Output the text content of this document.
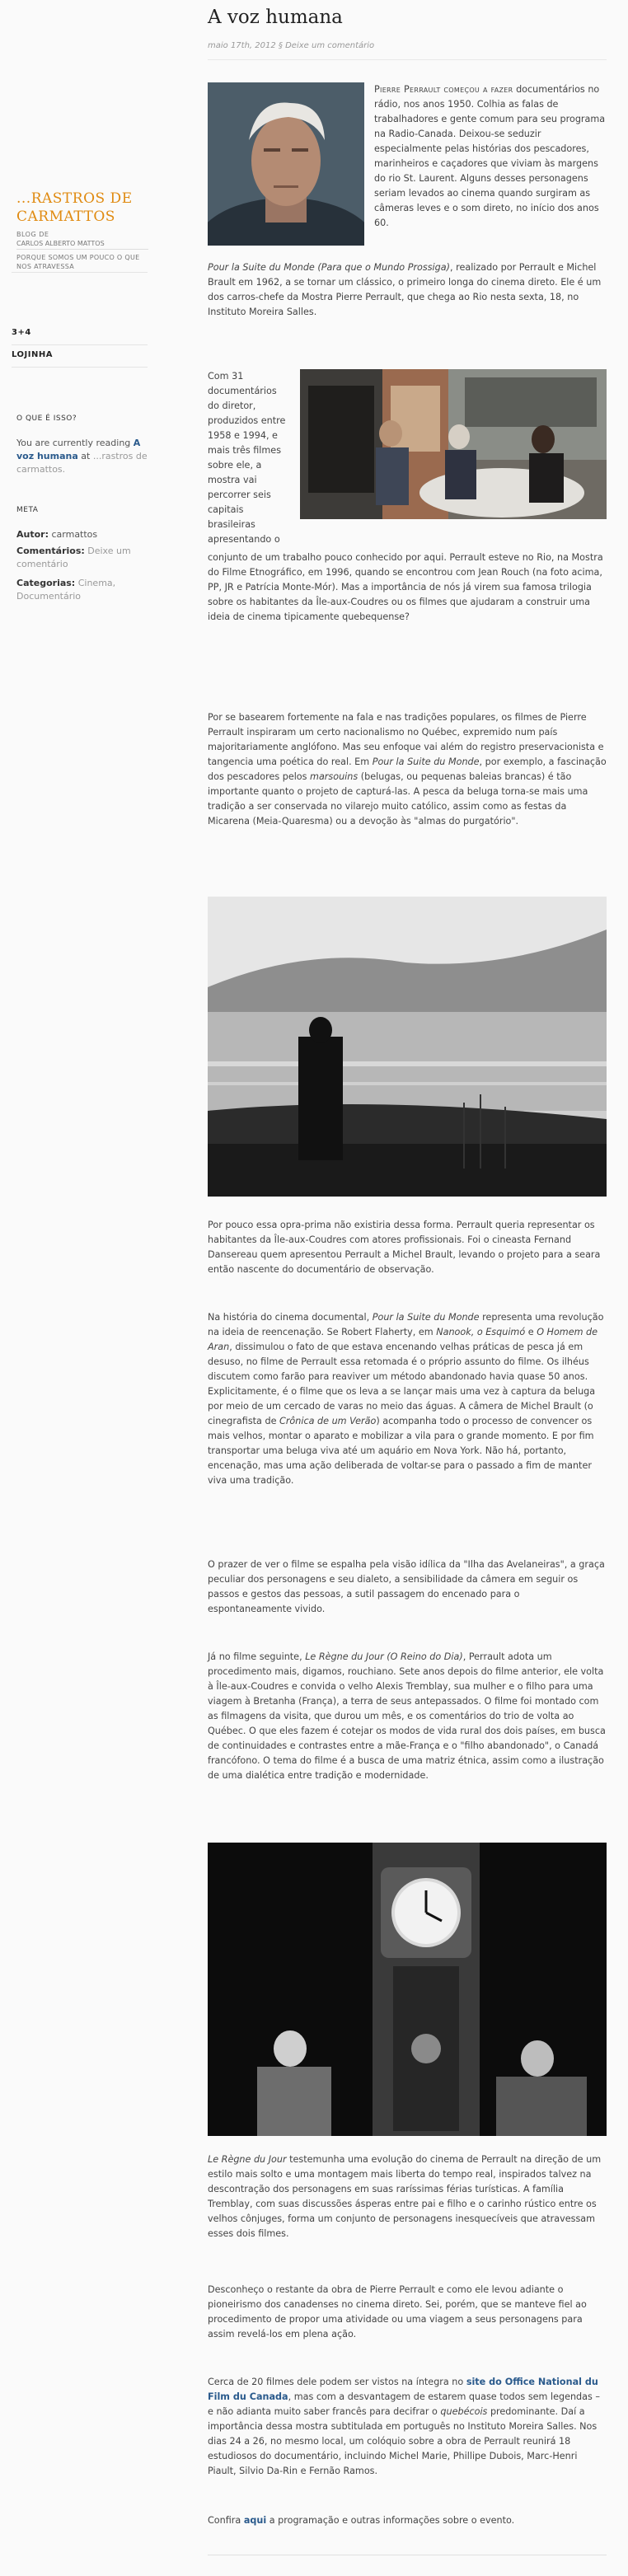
...RASTROS DE CARMATTOS
BLOG DE
CARLOS ALBERTO MATTOS
PORQUE SOMOS UM POUCO O QUE NOS ATRAVESSA
3+4
LOJINHA
O QUE É ISSO?
You are currently reading A voz humana at ...rastros de carmattos.
META
Autor: carmattos
Comentários: Deixe um comentário
Categorias: Cinema, Documentário
A voz humana
maio 17th, 2012 § Deixe um comentário

Pierre Perrault começou a fazer documentários no rádio, nos anos 1950. Colhia as falas de trabalhadores e gente comum para seu programa na Radio-Canada. Deixou-se seduzir especialmente pelas histórias dos pescadores, marinheiros e caçadores que viviam às margens do rio St. Laurent. Alguns desses personagens seriam levados ao cinema quando surgiram as câmeras leves e o som direto, no início dos anos 60.

Pour la Suite du Monde (Para que o Mundo Prossiga), realizado por Perrault e Michel Brault em 1962, a se tornar um clássico, o primeiro longa do cinema direto. Ele é um dos carros-chefe da Mostra Pierre Perrault, que chega ao Rio nesta sexta, 18, no Instituto Moreira Salles.

Com 31 documentários do diretor, produzidos entre 1958 e 1994, e mais três filmes sobre ele, a mostra vai percorrer seis capitais brasileiras apresentando o

conjunto de um trabalho pouco conhecido por aqui. Perrault esteve no Rio, na Mostra do Filme Etnográfico, em 1996, quando se encontrou com Jean Rouch (na foto acima, PP, JR e Patrícia Monte-Mór). Mas a importância de nós já virem sua famosa trilogia sobre os habitantes da Île-aux-Coudres ou os filmes que ajudaram a construir uma ideia de cinema tipicamente quebequense?

Por se basearem fortemente na fala e nas tradições populares, os filmes de Pierre Perrault inspiraram um certo nacionalismo no Québec, expremido num país majoritariamente anglófono. Mas seu enfoque vai além do registro preservacionista e tangencia uma poética do real. Em Pour la Suite du Monde, por exemplo, a fascinação dos pescadores pelos marsouins (belugas, ou pequenas baleias brancas) é tão importante quanto o projeto de capturá-las. A pesca da beluga torna-se mais uma tradição a ser conservada no vilarejo muito católico, assim como as festas da Micarena (Meia-Quaresma) ou a devoção às "almas do purgatório".

Por pouco essa opra-prima não existiria dessa forma. Perrault queria representar os habitantes da Île-aux-Coudres com atores profissionais. Foi o cineasta Fernand Dansereau quem apresentou Perrault a Michel Brault, levando o projeto para a seara então nascente do documentário de observação.

Na história do cinema documental, Pour la Suite du Monde representa uma revolução na ideia de reencenação. Se Robert Flaherty, em Nanook, o Esquimó e O Homem de Aran, dissimulou o fato de que estava encenando velhas práticas de pesca já em desuso, no filme de Perrault essa retomada é o próprio assunto do filme. Os ilhéus discutem como farão para reaviver um método abandonado havia quase 50 anos. Explicitamente, é o filme que os leva a se lançar mais uma vez à captura da beluga por meio de um cercado de varas no meio das águas. A câmera de Michel Brault (o cinegrafista de Crônica de um Verão) acompanha todo o processo de convencer os mais velhos, montar o aparato e mobilizar a vila para o grande momento. E por fim transportar uma beluga viva até um aquário em Nova York. Não há, portanto, encenação, mas uma ação deliberada de voltar-se para o passado a fim de manter viva uma tradição.

O prazer de ver o filme se espalha pela visão idílica da "Ilha das Avelaneiras", a graça peculiar dos personagens e seu dialeto, a sensibilidade da câmera em seguir os passos e gestos das pessoas, a sutil passagem do encenado para o espontaneamente vivido.

Já no filme seguinte, Le Règne du Jour (O Reino do Dia), Perrault adota um procedimento mais, digamos, rouchiano. Sete anos depois do filme anterior, ele volta à Île-aux-Coudres e convida o velho Alexis Tremblay, sua mulher e o filho para uma viagem à Bretanha (França), a terra de seus antepassados. O filme foi montado com as filmagens da visita, que durou um mês, e os comentários do trio de volta ao Québec. O que eles fazem é cotejar os modos de vida rural dos dois países, em busca de continuidades e contrastes entre a mãe-França e o "filho abandonado", o Canadá francófono. O tema do filme é a busca de uma matriz étnica, assim como a ilustração de uma dialética entre tradição e modernidade.

Le Règne du Jour testemunha uma evolução do cinema de Perrault na direção de um estilo mais solto e uma montagem mais liberta do tempo real, inspirados talvez na descontração dos personagens em suas raríssimas férias turísticas. A família Tremblay, com suas discussões ásperas entre pai e filho e o carinho rústico entre os velhos cônjuges, forma um conjunto de personagens inesquecíveis que atravessam esses dois filmes.

Desconheço o restante da obra de Pierre Perrault e como ele levou adiante o pioneirismo dos canadenses no cinema direto. Sei, porém, que se manteve fiel ao procedimento de propor uma atividade ou uma viagem a seus personagens para assim revelá-los em plena ação.

Cerca de 20 filmes dele podem ser vistos na íntegra no site do Office National du Film du Canada, mas com a desvantagem de estarem quase todos sem legendas – e não adianta muito saber francês para decifrar o quebécois predominante. Daí a importância dessa mostra subtitulada em português no Instituto Moreira Salles. Nos dias 24 a 26, no mesmo local, um colóquio sobre a obra de Perrault reunirá 18 estudiosos do documentário, incluindo Michel Marie, Phillipe Dubois, Marc-Henri Piault, Silvio Da-Rin e Fernão Ramos.

Confira aqui a programação e outras informações sobre o evento.
